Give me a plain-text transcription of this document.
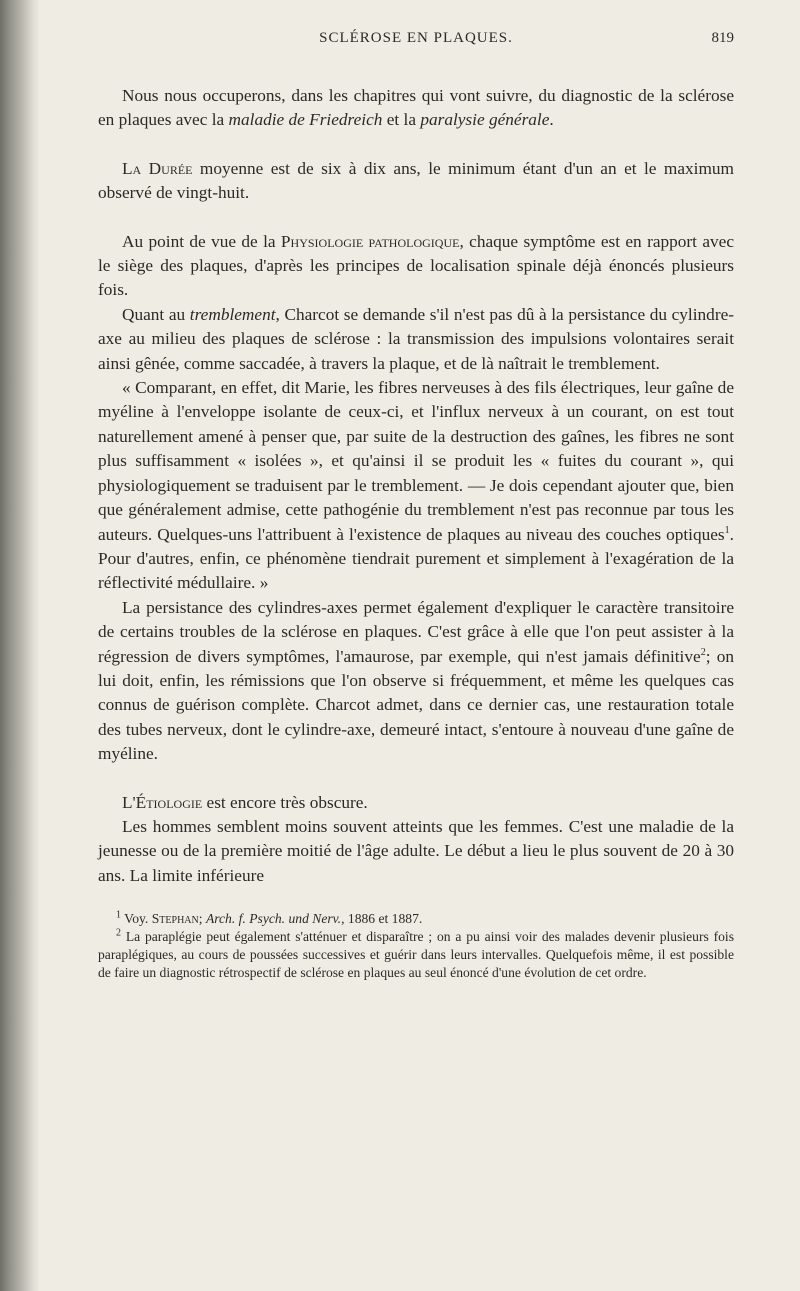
SCLÉROSE EN PLAQUES.	819

Nous nous occuperons, dans les chapitres qui vont suivre, du diagnostic de la sclérose en plaques avec la maladie de Friedreich et la paralysie générale.

La Durée moyenne est de six à dix ans, le minimum étant d'un an et le maximum observé de vingt-huit.

Au point de vue de la Physiologie pathologique, chaque symptôme est en rapport avec le siège des plaques, d'après les principes de localisation spinale déjà énoncés plusieurs fois.

Quant au tremblement, Charcot se demande s'il n'est pas dû à la persistance du cylindre-axe au milieu des plaques de sclérose : la transmission des impulsions volontaires serait ainsi gênée, comme saccadée, à travers la plaque, et de là naîtrait le tremblement.

« Comparant, en effet, dit Marie, les fibres nerveuses à des fils électriques, leur gaîne de myéline à l'enveloppe isolante de ceux-ci, et l'influx nerveux à un courant, on est tout naturellement amené à penser que, par suite de la destruction des gaînes, les fibres ne sont plus suffisamment « isolées », et qu'ainsi il se produit les « fuites du courant », qui physiologiquement se traduisent par le tremblement. — Je dois cependant ajouter que, bien que généralement admise, cette pathogénie du tremblement n'est pas reconnue par tous les auteurs. Quelques-uns l'attribuent à l'existence de plaques au niveau des couches optiques$^1$. Pour d'autres, enfin, ce phénomène tiendrait purement et simplement à l'exagération de la réflectivité médullaire. »

La persistance des cylindres-axes permet également d'expliquer le caractère transitoire de certains troubles de la sclérose en plaques. C'est grâce à elle que l'on peut assister à la régression de divers symptômes, l'amaurose, par exemple, qui n'est jamais définitive$^2$; on lui doit, enfin, les rémissions que l'on observe si fréquemment, et même les quelques cas connus de guérison complète. Charcot admet, dans ce dernier cas, une restauration totale des tubes nerveux, dont le cylindre-axe, demeuré intact, s'entoure à nouveau d'une gaîne de myéline.

L'Étiologie est encore très obscure.

Les hommes semblent moins souvent atteints que les femmes. C'est une maladie de la jeunesse ou de la première moitié de l'âge adulte. Le début a lieu le plus souvent de 20 à 30 ans. La limite inférieure

$^1$ Voy. Stephan; Arch. f. Psych. und Nerv., 1886 et 1887.

$^2$ La paraplégie peut également s'atténuer et disparaître ; on a pu ainsi voir des malades devenir plusieurs fois paraplégiques, au cours de poussées successives et guérir dans leurs intervalles. Quelquefois même, il est possible de faire un diagnostic rétrospectif de sclérose en plaques au seul énoncé d'une évolution de cet ordre.
